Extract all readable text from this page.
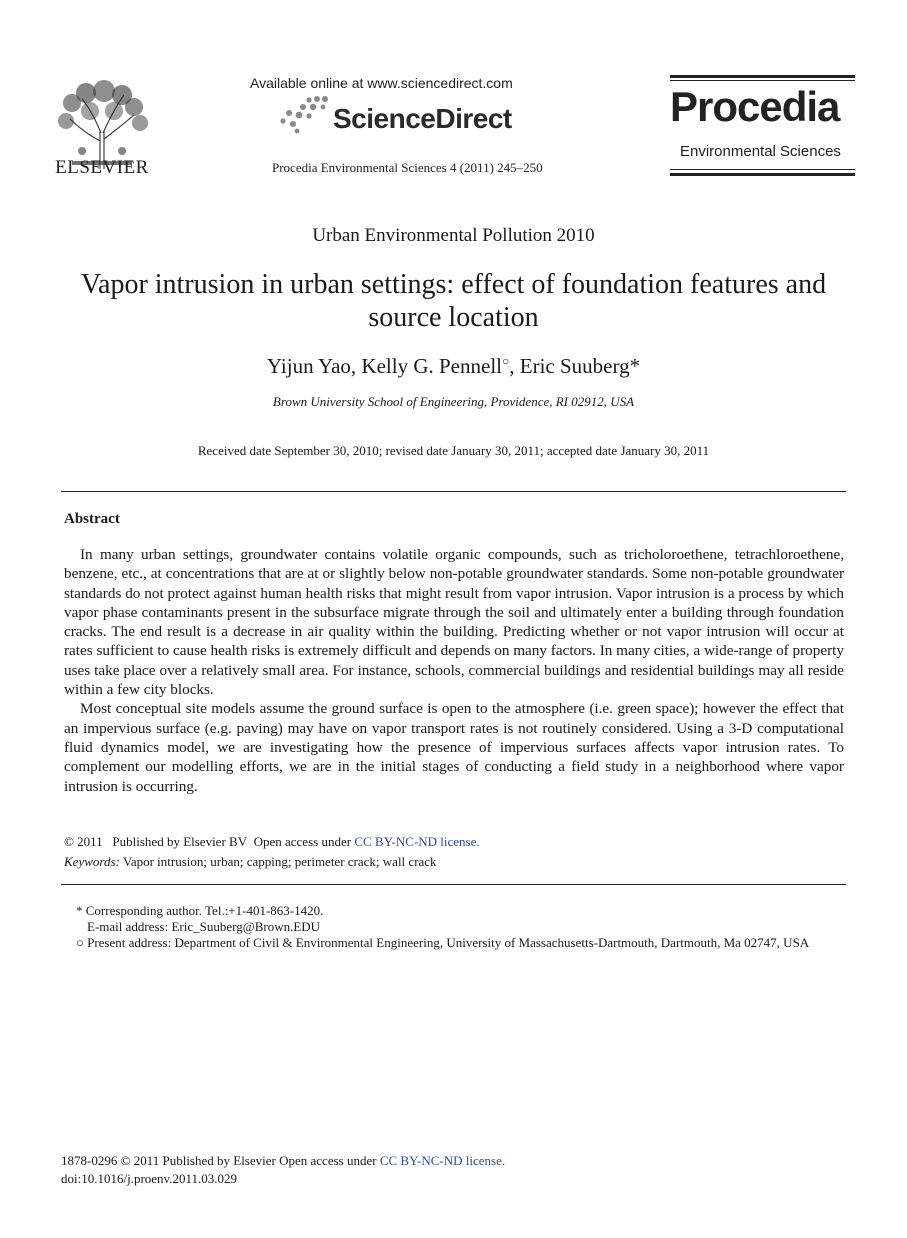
ELSEVIER
Available online at www.sciencedirect.com
ScienceDirect
Procedia Environmental Sciences 4 (2011) 245–250
Procedia
Environmental Sciences
Urban Environmental Pollution 2010
Vapor intrusion in urban settings: effect of foundation features and source location
Yijun Yao, Kelly G. Pennell○, Eric Suuberg*
Brown University School of Engineering, Providence, RI 02912, USA
Received date September 30, 2010; revised date January 30, 2011; accepted date January 30, 2011
Abstract

In many urban settings, groundwater contains volatile organic compounds, such as tricholoroethene, tetrachloroethene, benzene, etc., at concentrations that are at or slightly below non-potable groundwater standards. Some non-potable groundwater standards do not protect against human health risks that might result from vapor intrusion. Vapor intrusion is a process by which vapor phase contaminants present in the subsurface migrate through the soil and ultimately enter a building through foundation cracks. The end result is a decrease in air quality within the building. Predicting whether or not vapor intrusion will occur at rates sufficient to cause health risks is extremely difficult and depends on many factors. In many cities, a wide-range of property uses take place over a relatively small area. For instance, schools, commercial buildings and residential buildings may all reside within a few city blocks.

Most conceptual site models assume the ground surface is open to the atmosphere (i.e. green space); however the effect that an impervious surface (e.g. paving) may have on vapor transport rates is not routinely considered. Using a 3-D computational fluid dynamics model, we are investigating how the presence of impervious surfaces affects vapor intrusion rates. To complement our modelling efforts, we are in the initial stages of conducting a field study in a neighborhood where vapor intrusion is occurring.

© 2011 Published by Elsevier BV Open access under CC BY-NC-ND license.
Keywords: Vapor intrusion; urban; capping; perimeter crack; wall crack
* Corresponding author. Tel.:+1-401-863-1420.
E-mail address: Eric_Suuberg@Brown.EDU
○ Present address: Department of Civil & Environmental Engineering, University of Massachusetts-Dartmouth, Dartmouth, Ma 02747, USA
1878-0296 © 2011 Published by Elsevier Open access under CC BY-NC-ND license.
doi:10.1016/j.proenv.2011.03.029
